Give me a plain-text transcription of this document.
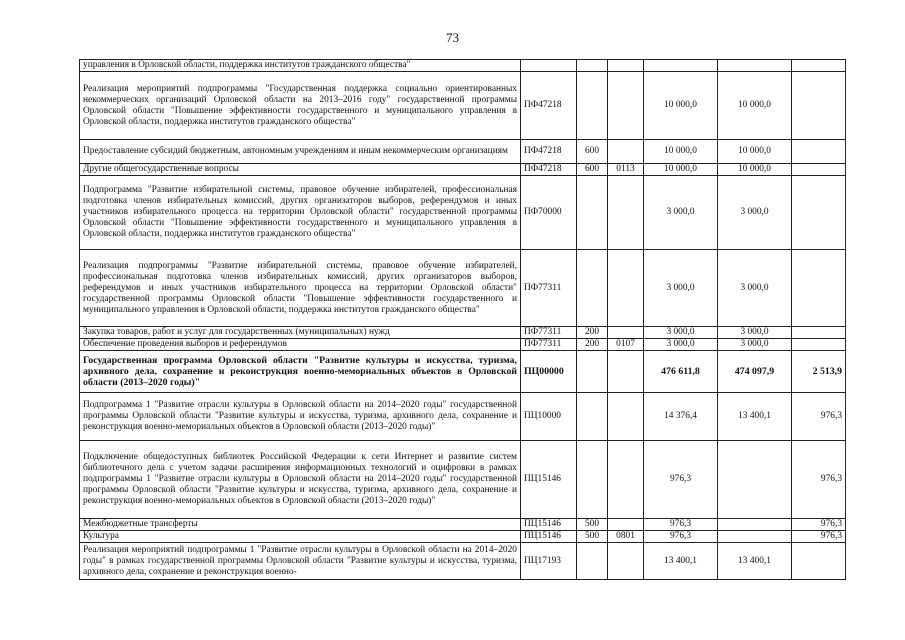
73
управления в Орловской области, поддержка институтов гражданского общества"						
Реализация мероприятий подпрограммы "Государственная поддержка социально ориентированных некоммерческих организаций Орловской области на 2013–2016 году" государственной программы Орловской области "Повышение эффективности государственного и муниципального управления в Орловской области, поддержка институтов гражданского общества"	ПФ47218			10 000,0	10 000,0	
Предоставление субсидий бюджетным, автономным учреждениям и иным некоммерческим организациям	ПФ47218	600		10 000,0	10 000,0	
Другие общегосударственные вопросы	ПФ47218	600	0113	10 000,0	10 000,0	
Подпрограмма "Развитие избирательной системы, правовое обучение избирателей, профессиональная подготовка членов избирательных комиссий, других организаторов выборов, референдумов и иных участников избирательного процесса на территории Орловской области" государственной программы Орловской области "Повышение эффективности государственного и муниципального управления в Орловской области, поддержка институтов гражданского общества"	ПФ70000			3 000,0	3 000,0	
Реализация подпрограммы "Развитие избирательной системы, правовое обучение избирателей, профессиональная подготовка членов избирательных комиссий, других организаторов выборов, референдумов и иных участников избирательного процесса на территории Орловской области" государственной программы Орловской области "Повышение эффективности государственного и муниципального управления в Орловской области, поддержка институтов гражданского общества"	ПФ77311			3 000,0	3 000,0	
Закупка товаров, работ и услуг для государственных (муниципальных) нужд	ПФ77311	200		3 000,0	3 000,0	
Обеспечение проведения выборов и референдумов	ПФ77311	200	0107	3 000,0	3 000,0	
Государственная программа Орловской области "Развитие культуры и искусства, туризма, архивного дела, сохранение и реконструкция военно-мемориальных объектов в Орловской области (2013–2020 годы)"	ПЦ00000			476 611,8	474 097,9	2 513,9
Подпрограмма 1 "Развитие отрасли культуры в Орловской области на 2014–2020 годы" государственной программы Орловской области "Развитие культуры и искусства, туризма, архивного дела, сохранение и реконструкция военно-мемориальных объектов в Орловской области (2013–2020 годы)"	ПЦ10000			14 376,4	13 400,1	976,3
Подключение общедоступных библиотек Российской Федерации к сети Интернет и развитие систем библиотечного дела с учетом задачи расширения информационных технологий и оцифровки в рамках подпрограммы 1 "Развитие отрасли культуры в Орловской области на 2014–2020 годы" государственной программы Орловской области "Развитие культуры и искусства, туризма, архивного дела, сохранение и реконструкция военно-мемориальных объектов в Орловской области (2013–2020 годы)"	ПЦ15146			976,3		976,3
Межбюджетные трансферты	ПЦ15146	500		976,3		976,3
Культура	ПЦ15146	500	0801	976,3		976,3
Реализация мероприятий подпрограммы 1 "Развитие отрасли культуры в Орловской области на 2014–2020 годы" в рамках государственной программы Орловской области "Развитие культуры и искусства, туризма, архивного дела, сохранение и реконструкция военно-	ПЦ17193			13 400,1	13 400,1	
